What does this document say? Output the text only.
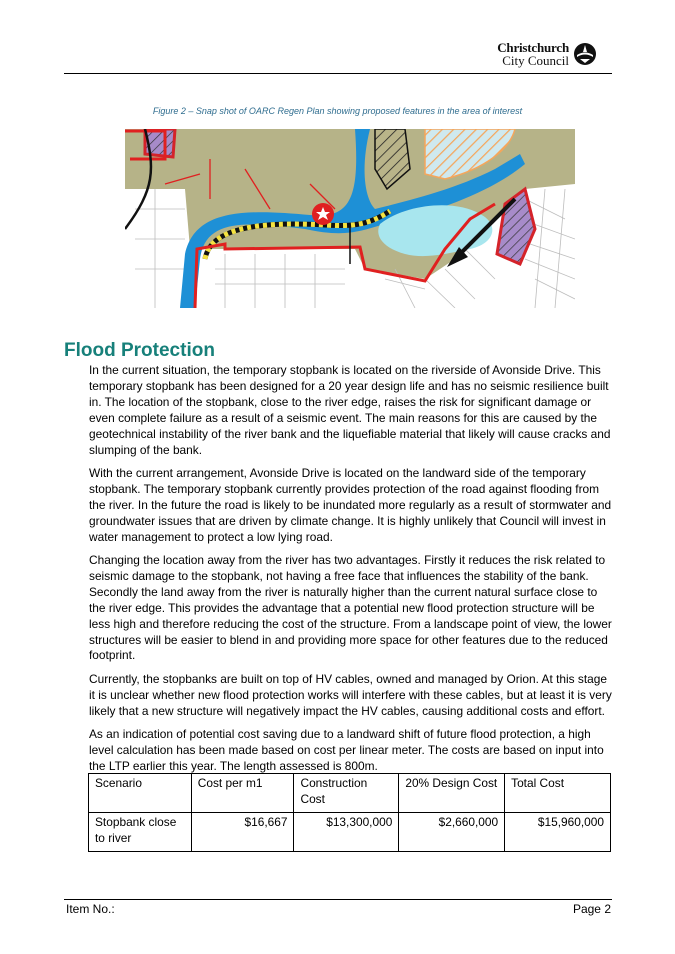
Christchurch
City Council
Figure 2 – Snap shot of OARC Regen Plan showing proposed features in the area of interest
Flood Protection

In the current situation, the temporary stopbank is located on the riverside of Avonside Drive. This temporary stopbank has been designed for a 20 year design life and has no seismic resilience built in. The location of the stopbank, close to the river edge, raises the risk for significant damage or even complete failure as a result of a seismic event. The main reasons for this are caused by the geotechnical instability of the river bank and the liquefiable material that likely will cause cracks and slumping of the bank.

With the current arrangement, Avonside Drive is located on the landward side of the temporary stopbank. The temporary stopbank currently provides protection of the road against flooding from the river. In the future the road is likely to be inundated more regularly as a result of stormwater and groundwater issues that are driven by climate change. It is highly unlikely that Council will invest in water management to protect a low lying road.

Changing the location away from the river has two advantages. Firstly it reduces the risk related to seismic damage to the stopbank, not having a free face that influences the stability of the bank. Secondly the land away from the river is naturally higher than the current natural surface close to the river edge. This provides the advantage that a potential new flood protection structure will be less high and therefore reducing the cost of the structure. From a landscape point of view, the lower structures will be easier to blend in and providing more space for other features due to the reduced footprint.

Currently, the stopbanks are built on top of HV cables, owned and managed by Orion. At this stage it is unclear whether new flood protection works will interfere with these cables, but at least it is very likely that a new structure will negatively impact the HV cables, causing additional costs and effort.

As an indication of potential cost saving due to a landward shift of future flood protection, a high level calculation has been made based on cost per linear meter. The costs are based on input into the LTP earlier this year. The length assessed is 800m.

Scenario	Cost per m1	Construction Cost	20% Design Cost	Total Cost
Stopbank close to river	$16,667	$13,300,000	$2,660,000	$15,960,000
Item No.:	Page 2
